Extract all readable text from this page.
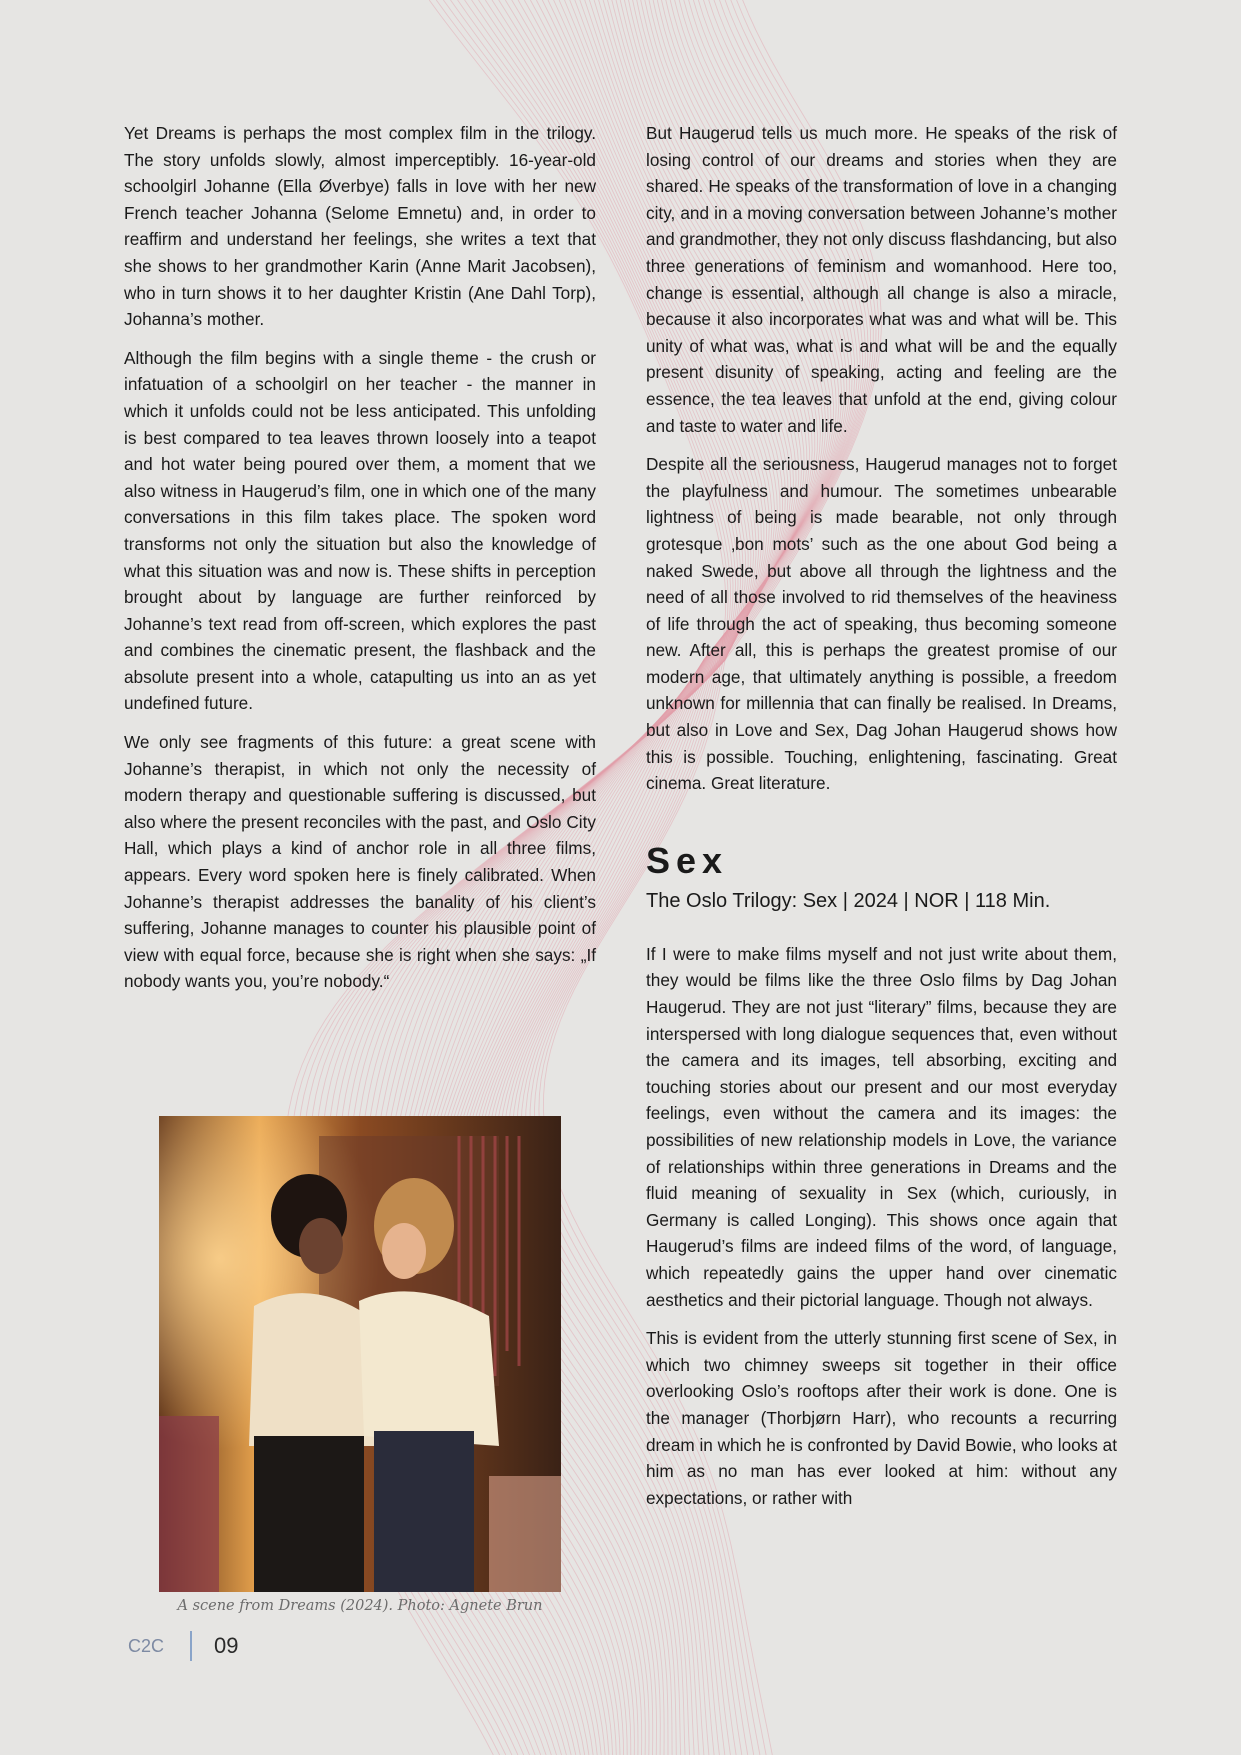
Yet Dreams is perhaps the most complex film in the trilogy. The story unfolds slowly, almost imperceptibly. 16-year-old schoolgirl Johanne (Ella Øverbye) falls in love with her new French teacher Johanna (Selome Emnetu) and, in order to reaffirm and understand her feelings, she writes a text that she shows to her grandmother Karin (Anne Marit Jacobsen), who in turn shows it to her daughter Kristin (Ane Dahl Torp), Johanna’s mother.

Although the film begins with a single theme - the crush or infatuation of a schoolgirl on her teacher - the manner in which it unfolds could not be less anticipated. This unfolding is best compared to tea leaves thrown loosely into a teapot and hot water being poured over them, a moment that we also witness in Haugerud’s film, one in which one of the many conversations in this film takes place. The spoken word transforms not only the situation but also the knowledge of what this situation was and now is. These shifts in perception brought about by language are further reinforced by Johanne’s text read from off-screen, which explores the past and combines the cinematic present, the flashback and the absolute present into a whole, catapulting us into an as yet undefined future.

We only see fragments of this future: a great scene with Johanne’s therapist, in which not only the necessity of modern therapy and questionable suffering is discussed, but also where the present reconciles with the past, and Oslo City Hall, which plays a kind of anchor role in all three films, appears. Every word spoken here is finely calibrated. When Johanne’s therapist addresses the banality of his client’s suffering, Johanne manages to counter his plausible point of view with equal force, because she is right when she says: „If nobody wants you, you’re nobody.“

But Haugerud tells us much more. He speaks of the risk of losing control of our dreams and stories when they are shared. He speaks of the transformation of love in a changing city, and in a moving conversation between Johanne’s mother and grandmother, they not only discuss flashdancing, but also three generations of feminism and womanhood. Here too, change is essential, although all change is also a miracle, because it also incorporates what was and what will be. This unity of what was, what is and what will be and the equally present disunity of speaking, acting and feeling are the essence, the tea leaves that unfold at the end, giving colour and taste to water and life.

Despite all the seriousness, Haugerud manages not to forget the playfulness and humour. The sometimes unbearable lightness of being is made bearable, not only through grotesque ‚bon mots’ such as the one about God being a naked Swede, but above all through the lightness and the need of all those involved to rid themselves of the heaviness of life through the act of speaking, thus becoming someone new. After all, this is perhaps the greatest promise of our modern age, that ultimately anything is possible, a freedom unknown for millennia that can finally be realised. In Dreams, but also in Love and Sex, Dag Johan Haugerud shows how this is possible. Touching, enlightening, fascinating. Great cinema. Great literature.

Sex

The Oslo Trilogy: Sex | 2024 | NOR | 118 Min.

If I were to make films myself and not just write about them, they would be films like the three Oslo films by Dag Johan Haugerud. They are not just “literary” films, because they are interspersed with long dialogue sequences that, even without the camera and its images, tell absorbing, exciting and touching stories about our present and our most everyday feelings, even without the camera and its images: the possibilities of new relationship models in Love, the variance of relationships within three generations in Dreams and the fluid meaning of sexuality in Sex (which, curiously, in Germany is called Longing). This shows once again that Haugerud’s films are indeed films of the word, of language, which repeatedly gains the upper hand over cinematic aesthetics and their pictorial language. Though not always.

This is evident from the utterly stunning first scene of Sex, in which two chimney sweeps sit together in their office overlooking Oslo’s rooftops after their work is done. One is the manager (Thorbjørn Harr), who recounts a recurring dream in which he is confronted by David Bowie, who looks at him as no man has ever looked at him: without any expectations, or rather with

A scene from Dreams (2024). Photo: Agnete Brun
C2C 09
